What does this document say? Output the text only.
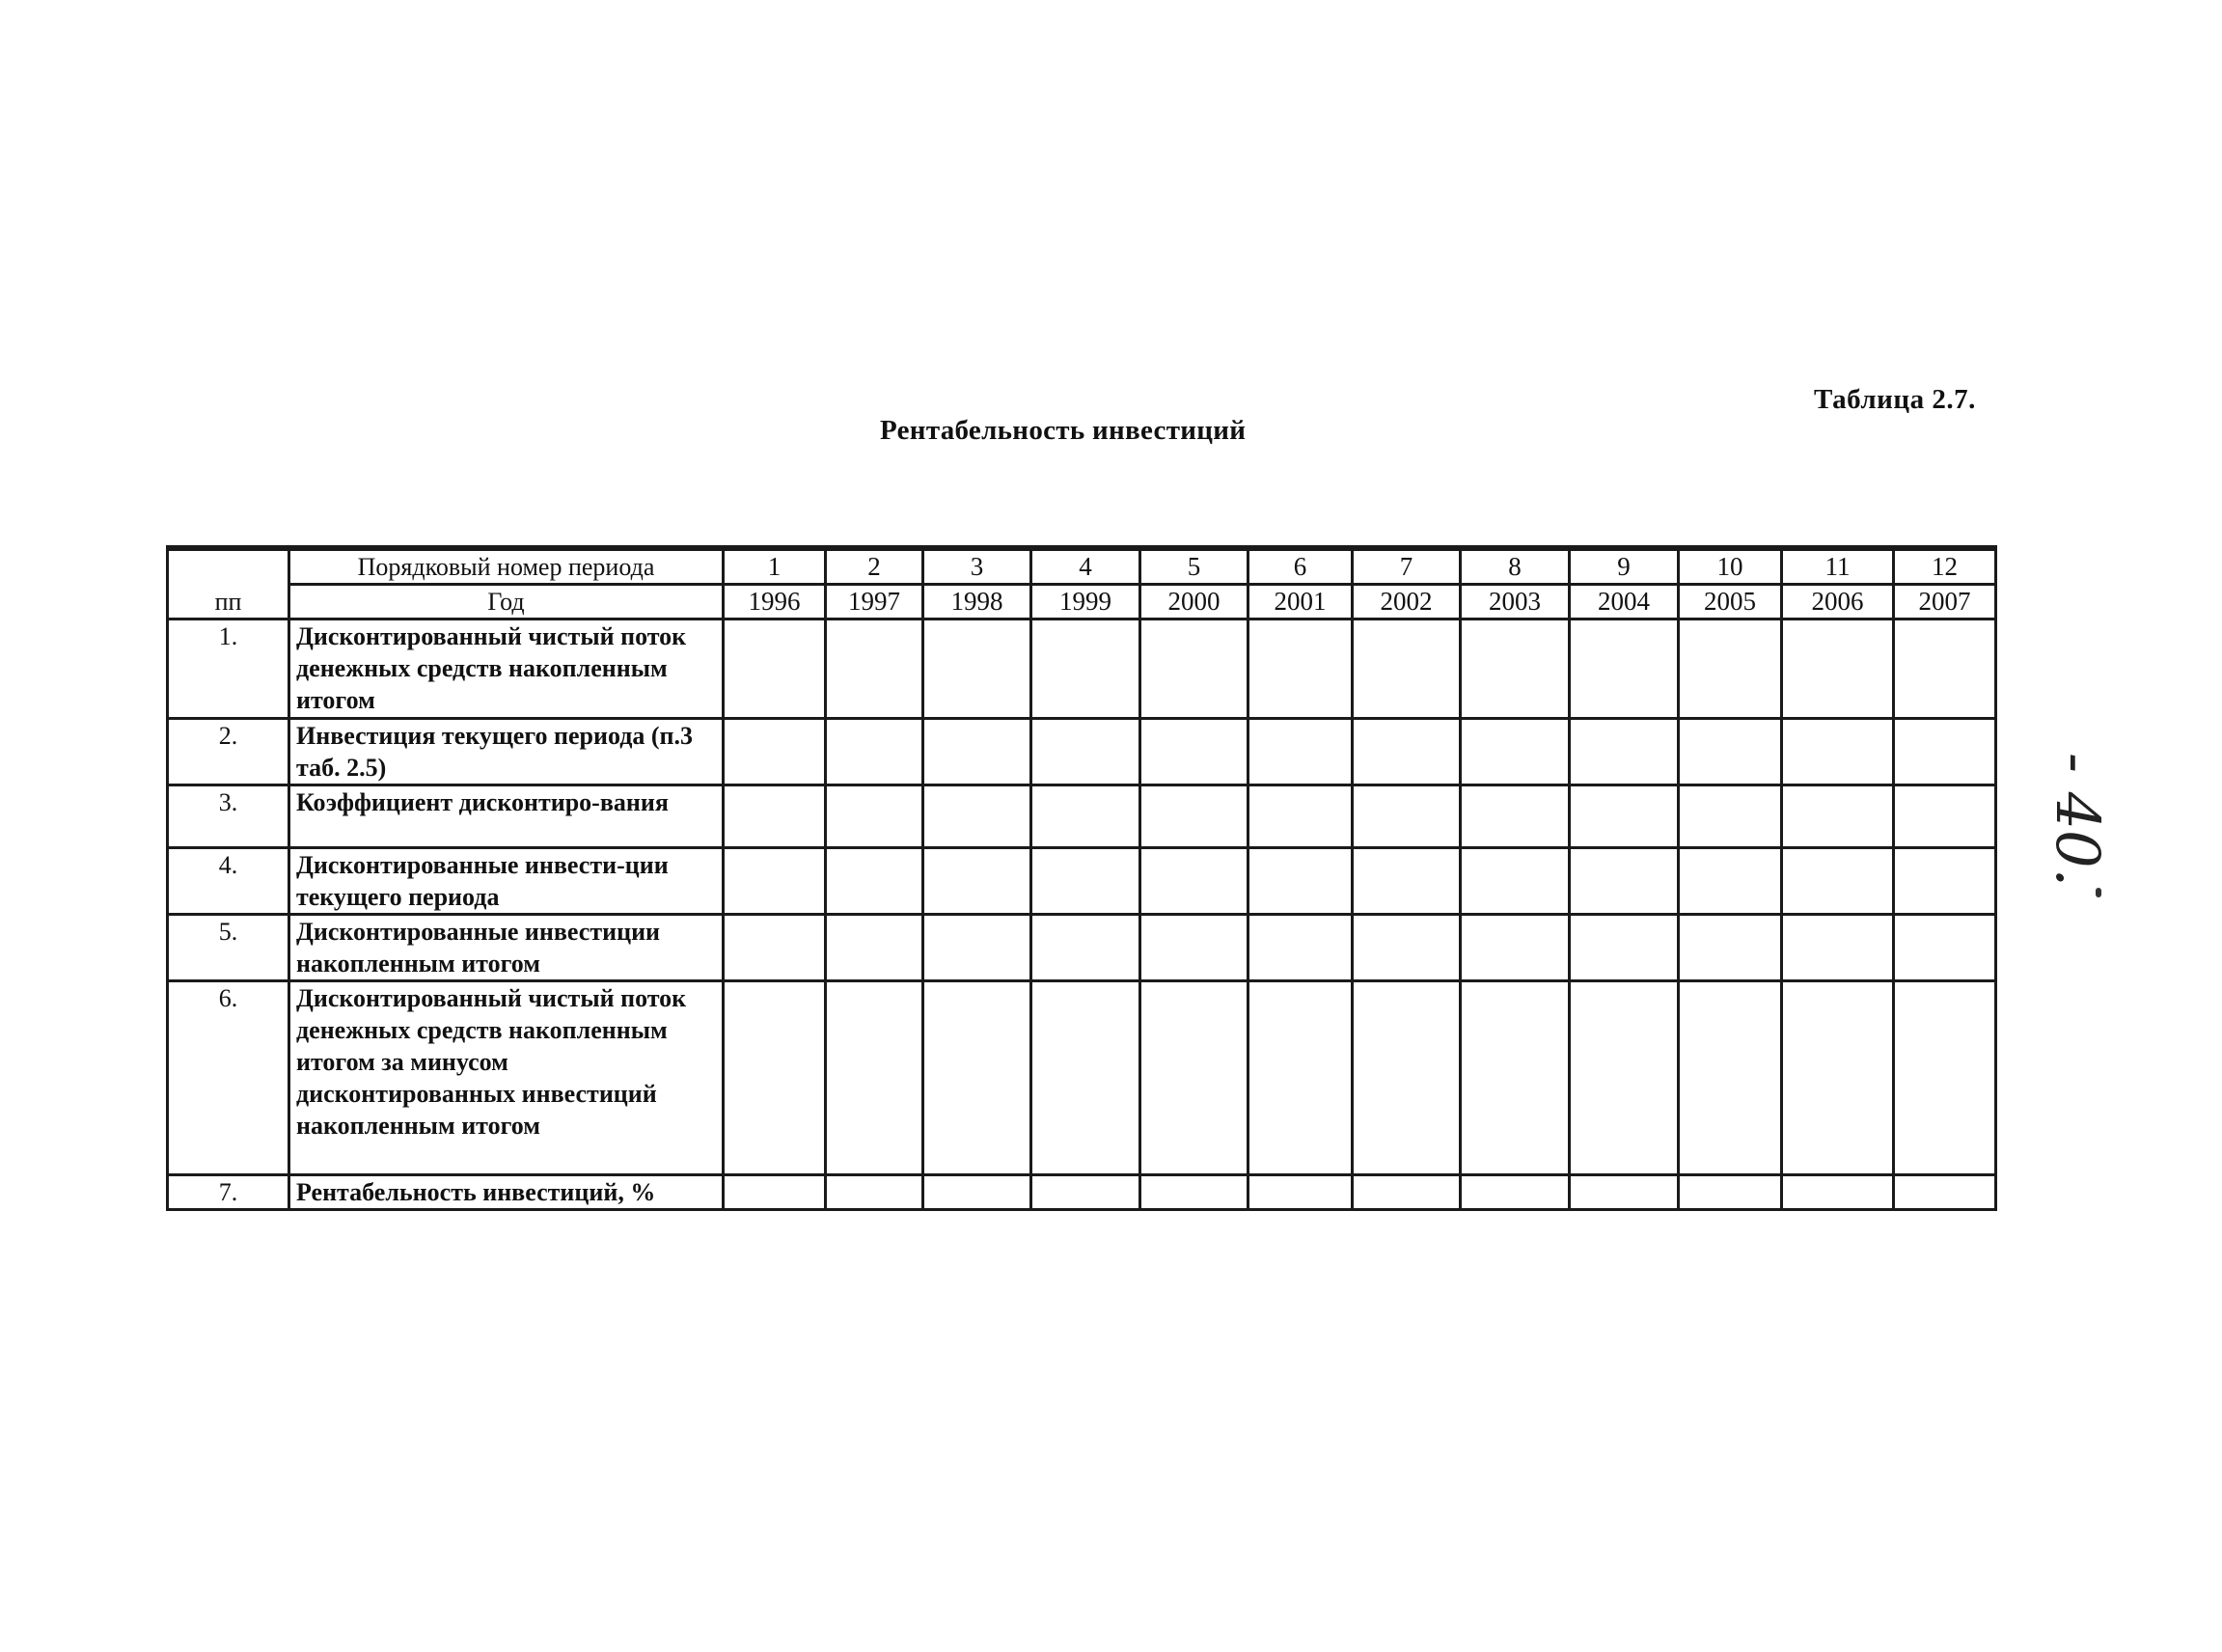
Таблица 2.7.
Рентабельность инвестиций
- 40.
пп	Порядковый номер периода	1	2	3	4	5	6	7	8	9	10	11	12
	Год	1996	1997	1998	1999	2000	2001	2002	2003	2004	2005	2006	2007
1.	Дисконтированный чистый поток денежных средств накопленным итогом												
2.	Инвестиция текущего периода (п.3 таб. 2.5)												
3.	Коэффициент дисконтиро-вания												
4.	Дисконтированные инвести-ции текущего периода												
5.	Дисконтированные инвестиции накопленным итогом												
6.	Дисконтированный чистый поток денежных средств накопленным итогом за минусом дисконтированных инвестиций накопленным итогом												
7.	Рентабельность инвестиций, %												
